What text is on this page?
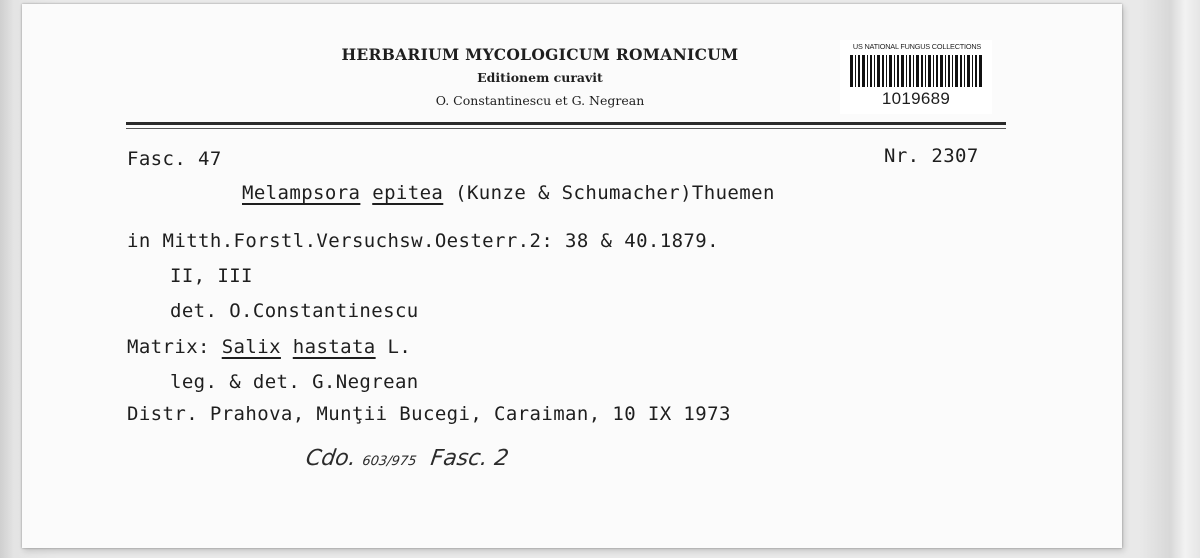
HERBARIUM MYCOLOGICUM ROMANICUM
Editionem curavit
O. Constantinescu et G. Negrean
US NATIONAL FUNGUS COLLECTIONS
1019689
Fasc. 47	Nr. 2307
Melampsora epitea (Kunze & Schumacher)Thuemen
in Mitth.Forstl.Versuchsw.Oesterr.2: 38 & 40.1879.
II, III
det. O.Constantinescu
Matrix: Salix hastata L.
leg. & det. G.Negrean
Distr. Prahova, Munţii Bucegi, Caraiman, 10 IX 1973
Cdo. 603/975 Fasc. 2
